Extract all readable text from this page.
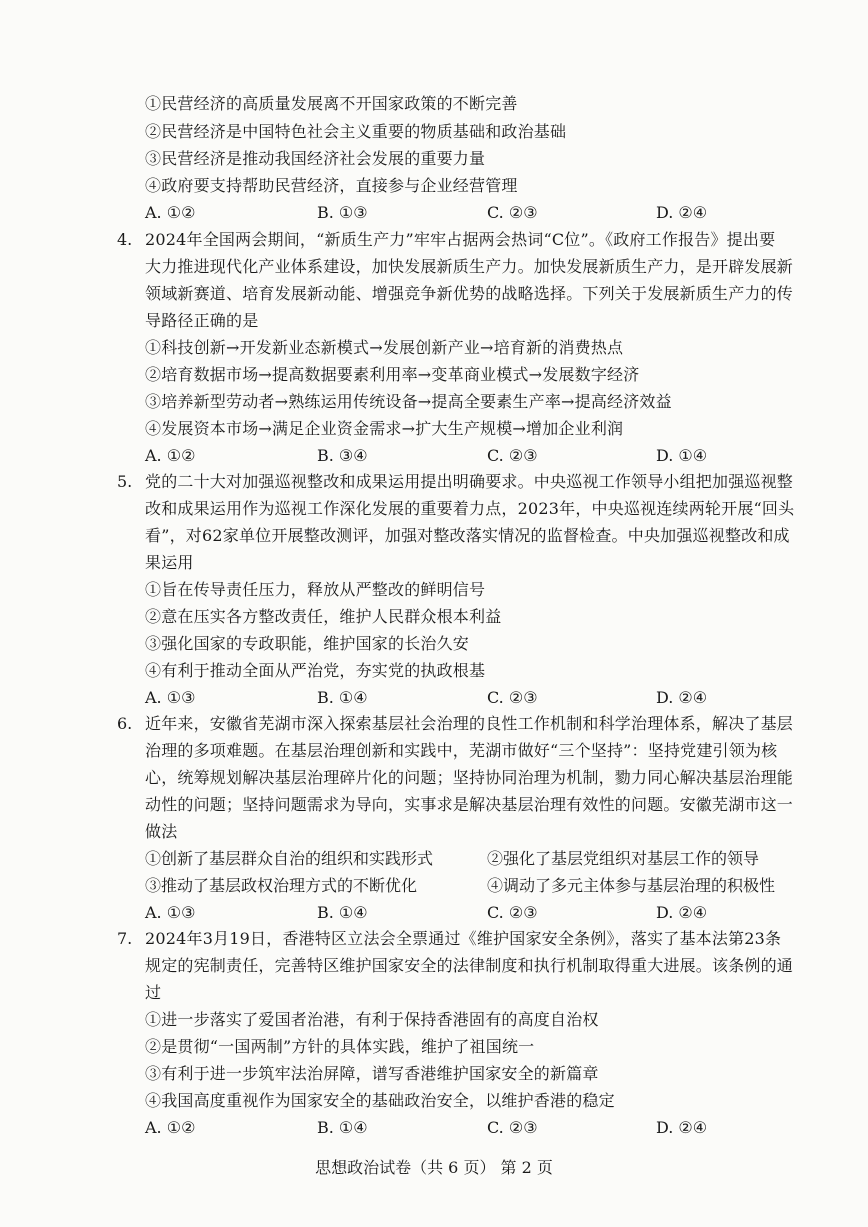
①民营经济的高质量发展离不开国家政策的不断完善
②民营经济是中国特色社会主义重要的物质基础和政治基础
③民营经济是推动我国经济社会发展的重要力量
④政府要支持帮助民营经济，直接参与企业经营管理
A. ①②	B. ①③	C. ②③	D. ②④
4. 2024年全国两会期间，“新质生产力”牢牢占据两会热词“C位”。《政府工作报告》提出要
大力推进现代化产业体系建设，加快发展新质生产力。加快发展新质生产力，是开辟发展新
领域新赛道、培育发展新动能、增强竞争新优势的战略选择。下列关于发展新质生产力的传
导路径正确的是
①科技创新→开发新业态新模式→发展创新产业→培育新的消费热点
②培育数据市场→提高数据要素利用率→变革商业模式→发展数字经济
③培养新型劳动者→熟练运用传统设备→提高全要素生产率→提高经济效益
④发展资本市场→满足企业资金需求→扩大生产规模→增加企业利润
A. ①②	B. ③④	C. ②③	D. ①④
5. 党的二十大对加强巡视整改和成果运用提出明确要求。中央巡视工作领导小组把加强巡视整
改和成果运用作为巡视工作深化发展的重要着力点，2023年，中央巡视连续两轮开展“回头
看”，对62家单位开展整改测评，加强对整改落实情况的监督检查。中央加强巡视整改和成
果运用
①旨在传导责任压力，释放从严整改的鲜明信号
②意在压实各方整改责任，维护人民群众根本利益
③强化国家的专政职能，维护国家的长治久安
④有利于推动全面从严治党，夯实党的执政根基
A. ①③	B. ①④	C. ②③	D. ②④
6. 近年来，安徽省芜湖市深入探索基层社会治理的良性工作机制和科学治理体系，解决了基层
治理的多项难题。在基层治理创新和实践中，芜湖市做好“三个坚持”：坚持党建引领为核
心，统筹规划解决基层治理碎片化的问题；坚持协同治理为机制，勠力同心解决基层治理能
动性的问题；坚持问题需求为导向，实事求是解决基层治理有效性的问题。安徽芜湖市这一
做法
①创新了基层群众自治的组织和实践形式	②强化了基层党组织对基层工作的领导
③推动了基层政权治理方式的不断优化	④调动了多元主体参与基层治理的积极性
A. ①③	B. ①④	C. ②③	D. ②④
7. 2024年3月19日，香港特区立法会全票通过《维护国家安全条例》，落实了基本法第23条
规定的宪制责任，完善特区维护国家安全的法律制度和执行机制取得重大进展。该条例的通
过
①进一步落实了爱国者治港，有利于保持香港固有的高度自治权
②是贯彻“一国两制”方针的具体实践，维护了祖国统一
③有利于进一步筑牢法治屏障，谱写香港维护国家安全的新篇章
④我国高度重视作为国家安全的基础政治安全，以维护香港的稳定
A. ①②	B. ①④	C. ②③	D. ②④
思想政治试卷（共 6 页） 第 2 页
